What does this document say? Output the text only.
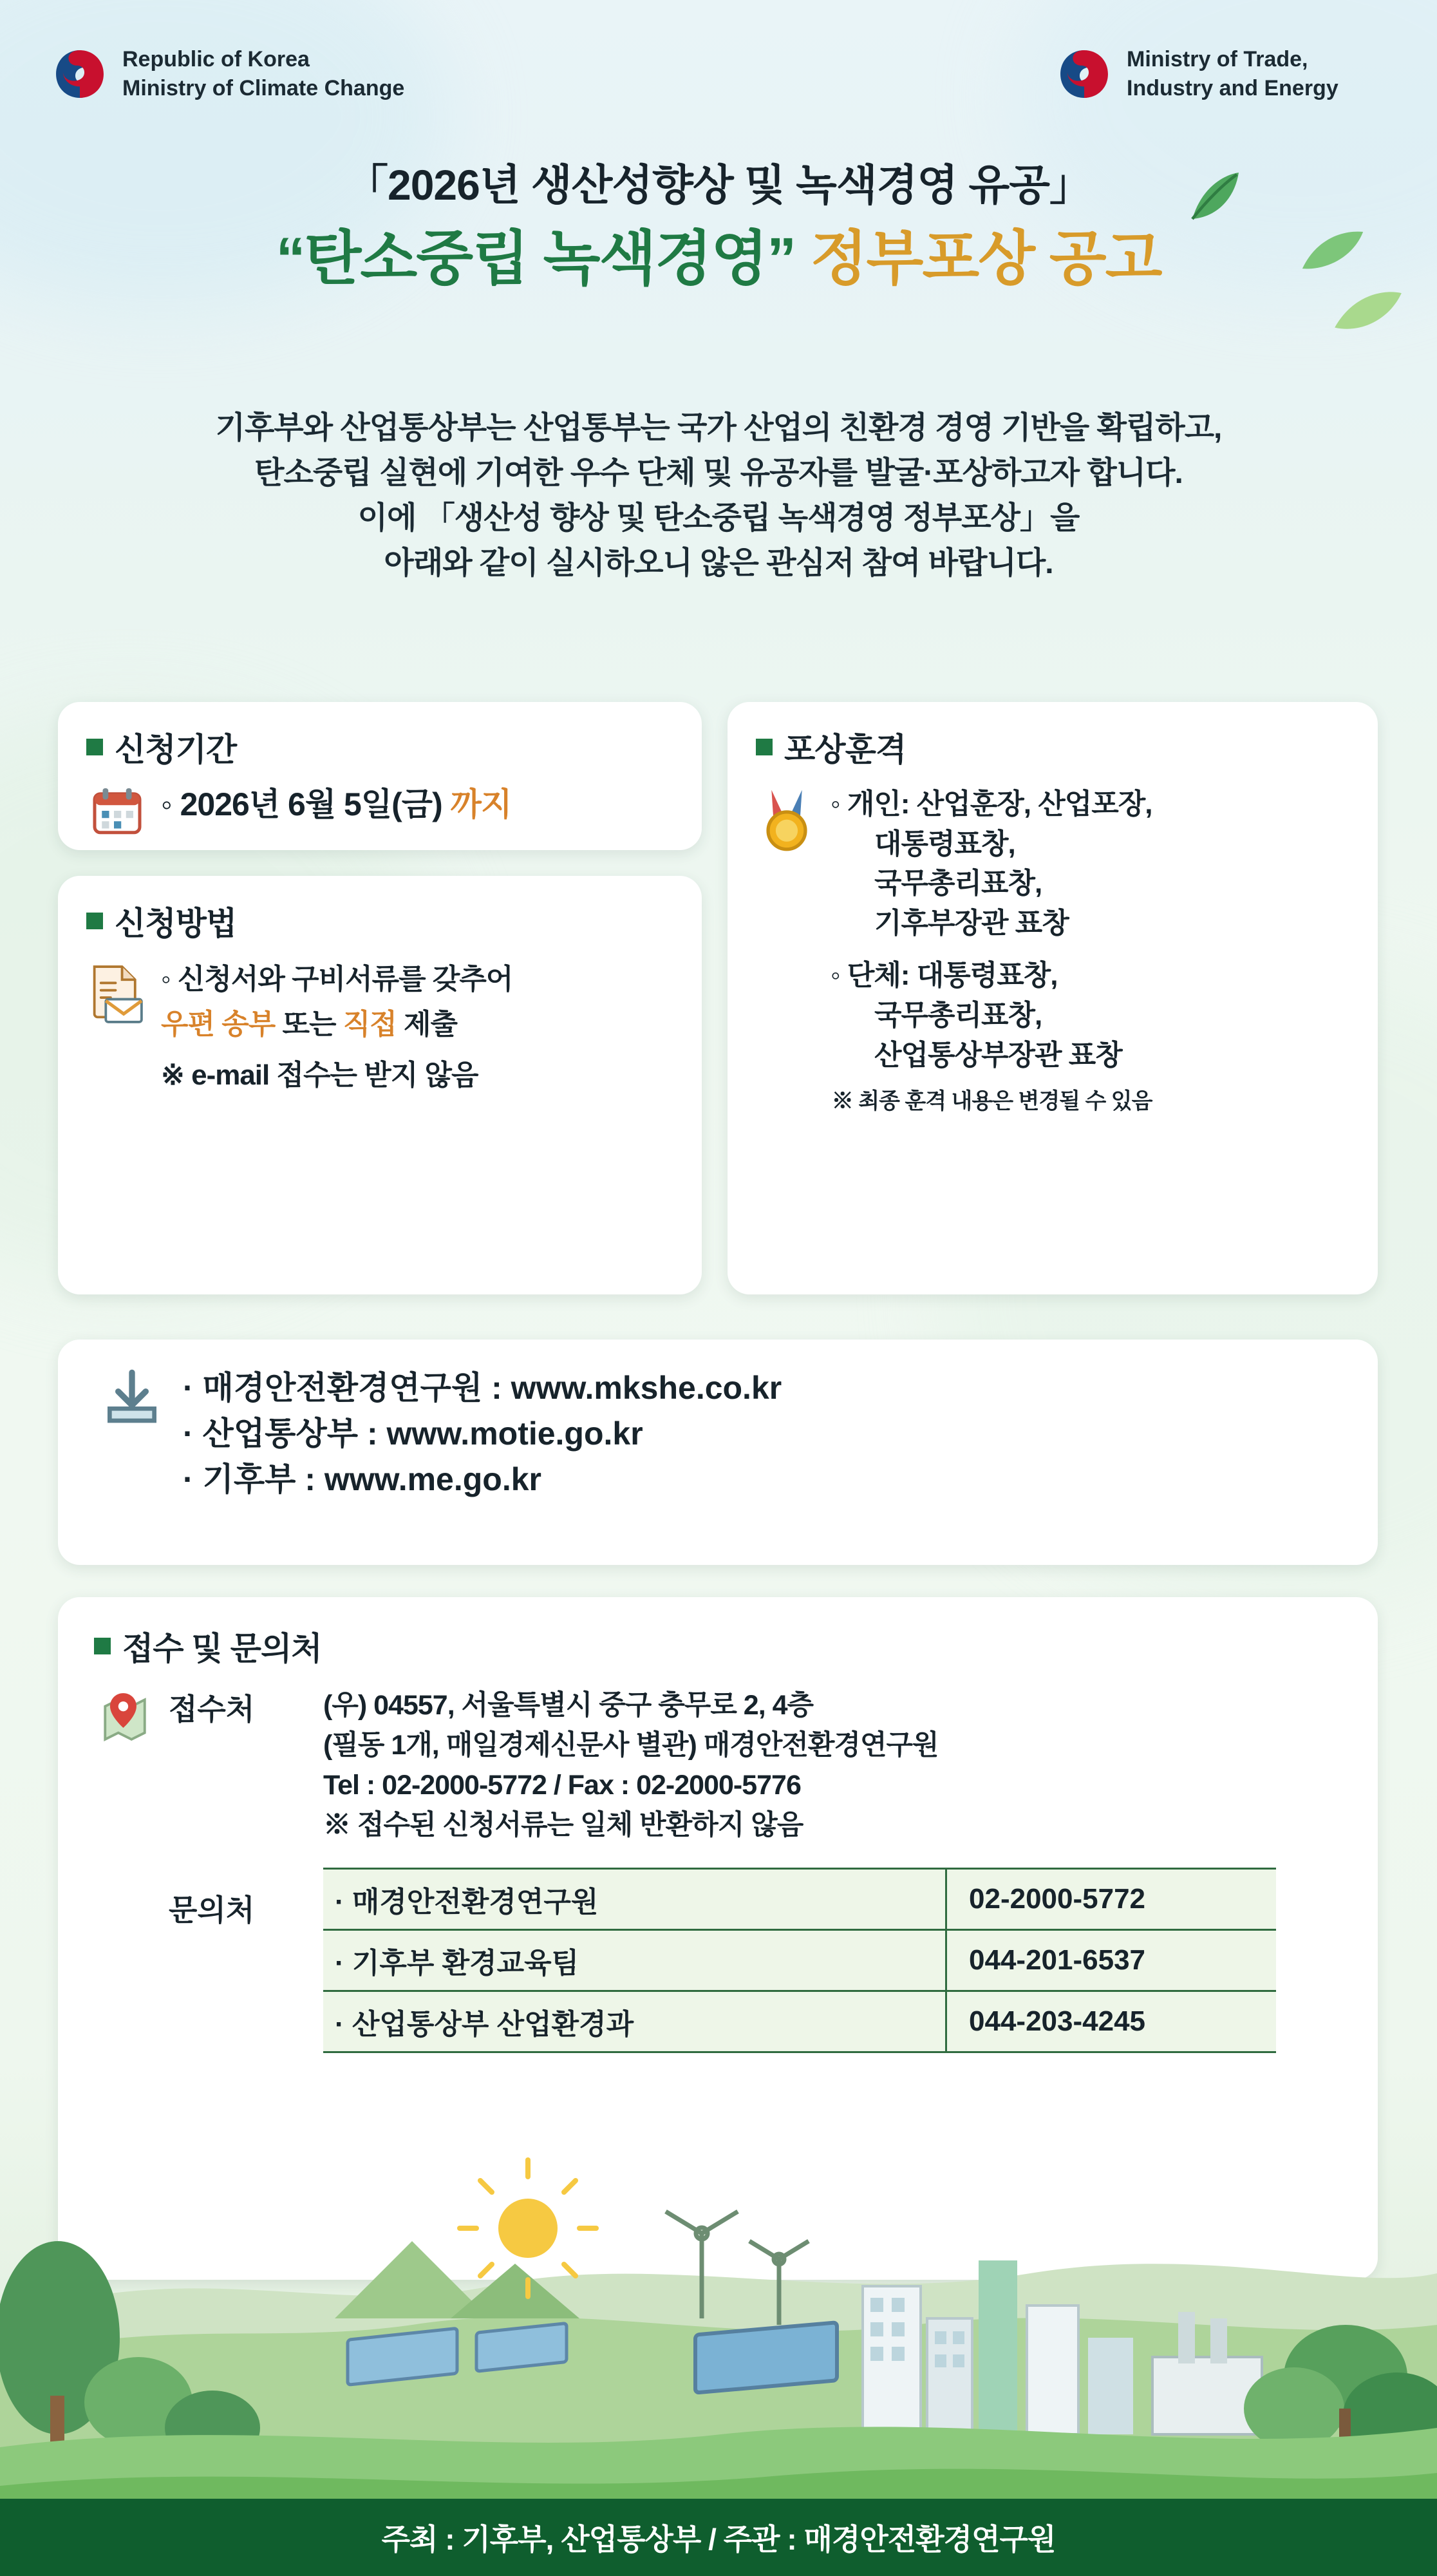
Republic of Korea
Ministry of Climate Change
Ministry of Trade,
Industry and Energy
「2026년 생산성향상 및 녹색경영 유공」
“탄소중립 녹색경영” 정부포상 공고
기후부와 산업통상부는 산업통부는 국가 산업의 친환경 경영 기반을 확립하고,
탄소중립 실현에 기여한 우수 단체 및 유공자를 발굴·포상하고자 합니다.
이에 「생산성 향상 및 탄소중립 녹색경영 정부포상」을
아래와 같이 실시하오니 않은 관심저 참여 바랍니다.
신청기간
◦ 2026년 6월 5일(금) 까지
신청방법
◦ 신청서와 구비서류를 갖추어
우편 송부 또는 직접 제출
※ e-mail 접수는 받지 않음
포상훈격
◦ 개인: 산업훈장, 산업포장,
대통령표창,
국무총리표창,
기후부장관 표창
◦ 단체: 대통령표창,
국무총리표창,
산업통상부장관 표창
※ 최종 훈격 내용은 변경될 수 있음
· 매경안전환경연구원 : www.mkshe.co.kr
· 산업통상부 : www.motie.go.kr
· 기후부 : www.me.go.kr
접수 및 문의처
접수처	(우) 04557, 서울특별시 중구 충무로 2, 4층
(필동 1개, 매일경제신문사 별관) 매경안전환경연구원
Tel : 02-2000-5772 / Fax : 02-2000-5776
※ 접수된 신청서류는 일체 반환하지 않음
문의처	· 매경안전환경연구원	02-2000-5772
· 기후부 환경교육팀	044-201-6537
· 산업통상부 산업환경과	044-203-4245
주최 : 기후부, 산업통상부 / 주관 : 매경안전환경연구원
